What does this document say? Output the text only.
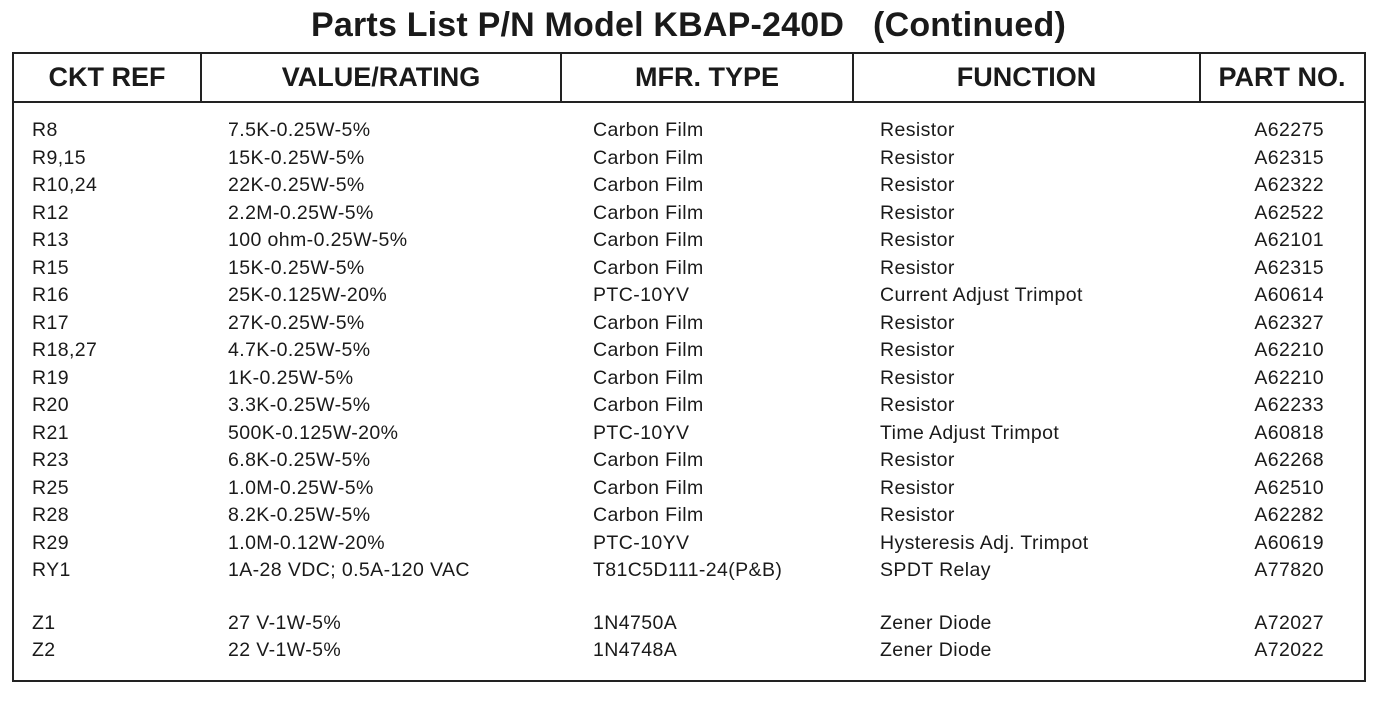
Parts List P/N Model KBAP-240D   (Continued)
CKT REF	VALUE/RATING	MFR. TYPE	FUNCTION	PART NO.
R8	7.5K-0.25W-5%	Carbon Film	Resistor	A62275
R9,15	15K-0.25W-5%	Carbon Film	Resistor	A62315
R10,24	22K-0.25W-5%	Carbon Film	Resistor	A62322
R12	2.2M-0.25W-5%	Carbon Film	Resistor	A62522
R13	100 ohm-0.25W-5%	Carbon Film	Resistor	A62101
R15	15K-0.25W-5%	Carbon Film	Resistor	A62315
R16	25K-0.125W-20%	PTC-10YV	Current Adjust Trimpot	A60614
R17	27K-0.25W-5%	Carbon Film	Resistor	A62327
R18,27	4.7K-0.25W-5%	Carbon Film	Resistor	A62210
R19	1K-0.25W-5%	Carbon Film	Resistor	A62210
R20	3.3K-0.25W-5%	Carbon Film	Resistor	A62233
R21	500K-0.125W-20%	PTC-10YV	Time Adjust Trimpot	A60818
R23	6.8K-0.25W-5%	Carbon Film	Resistor	A62268
R25	1.0M-0.25W-5%	Carbon Film	Resistor	A62510
R28	8.2K-0.25W-5%	Carbon Film	Resistor	A62282
R29	1.0M-0.12W-20%	PTC-10YV	Hysteresis Adj. Trimpot	A60619
RY1	1A-28 VDC; 0.5A-120 VAC	T81C5D111-24(P&B)	SPDT Relay	A77820
Z1	27 V-1W-5%	1N4750A	Zener Diode	A72027
Z2	22 V-1W-5%	1N4748A	Zener Diode	A72022
